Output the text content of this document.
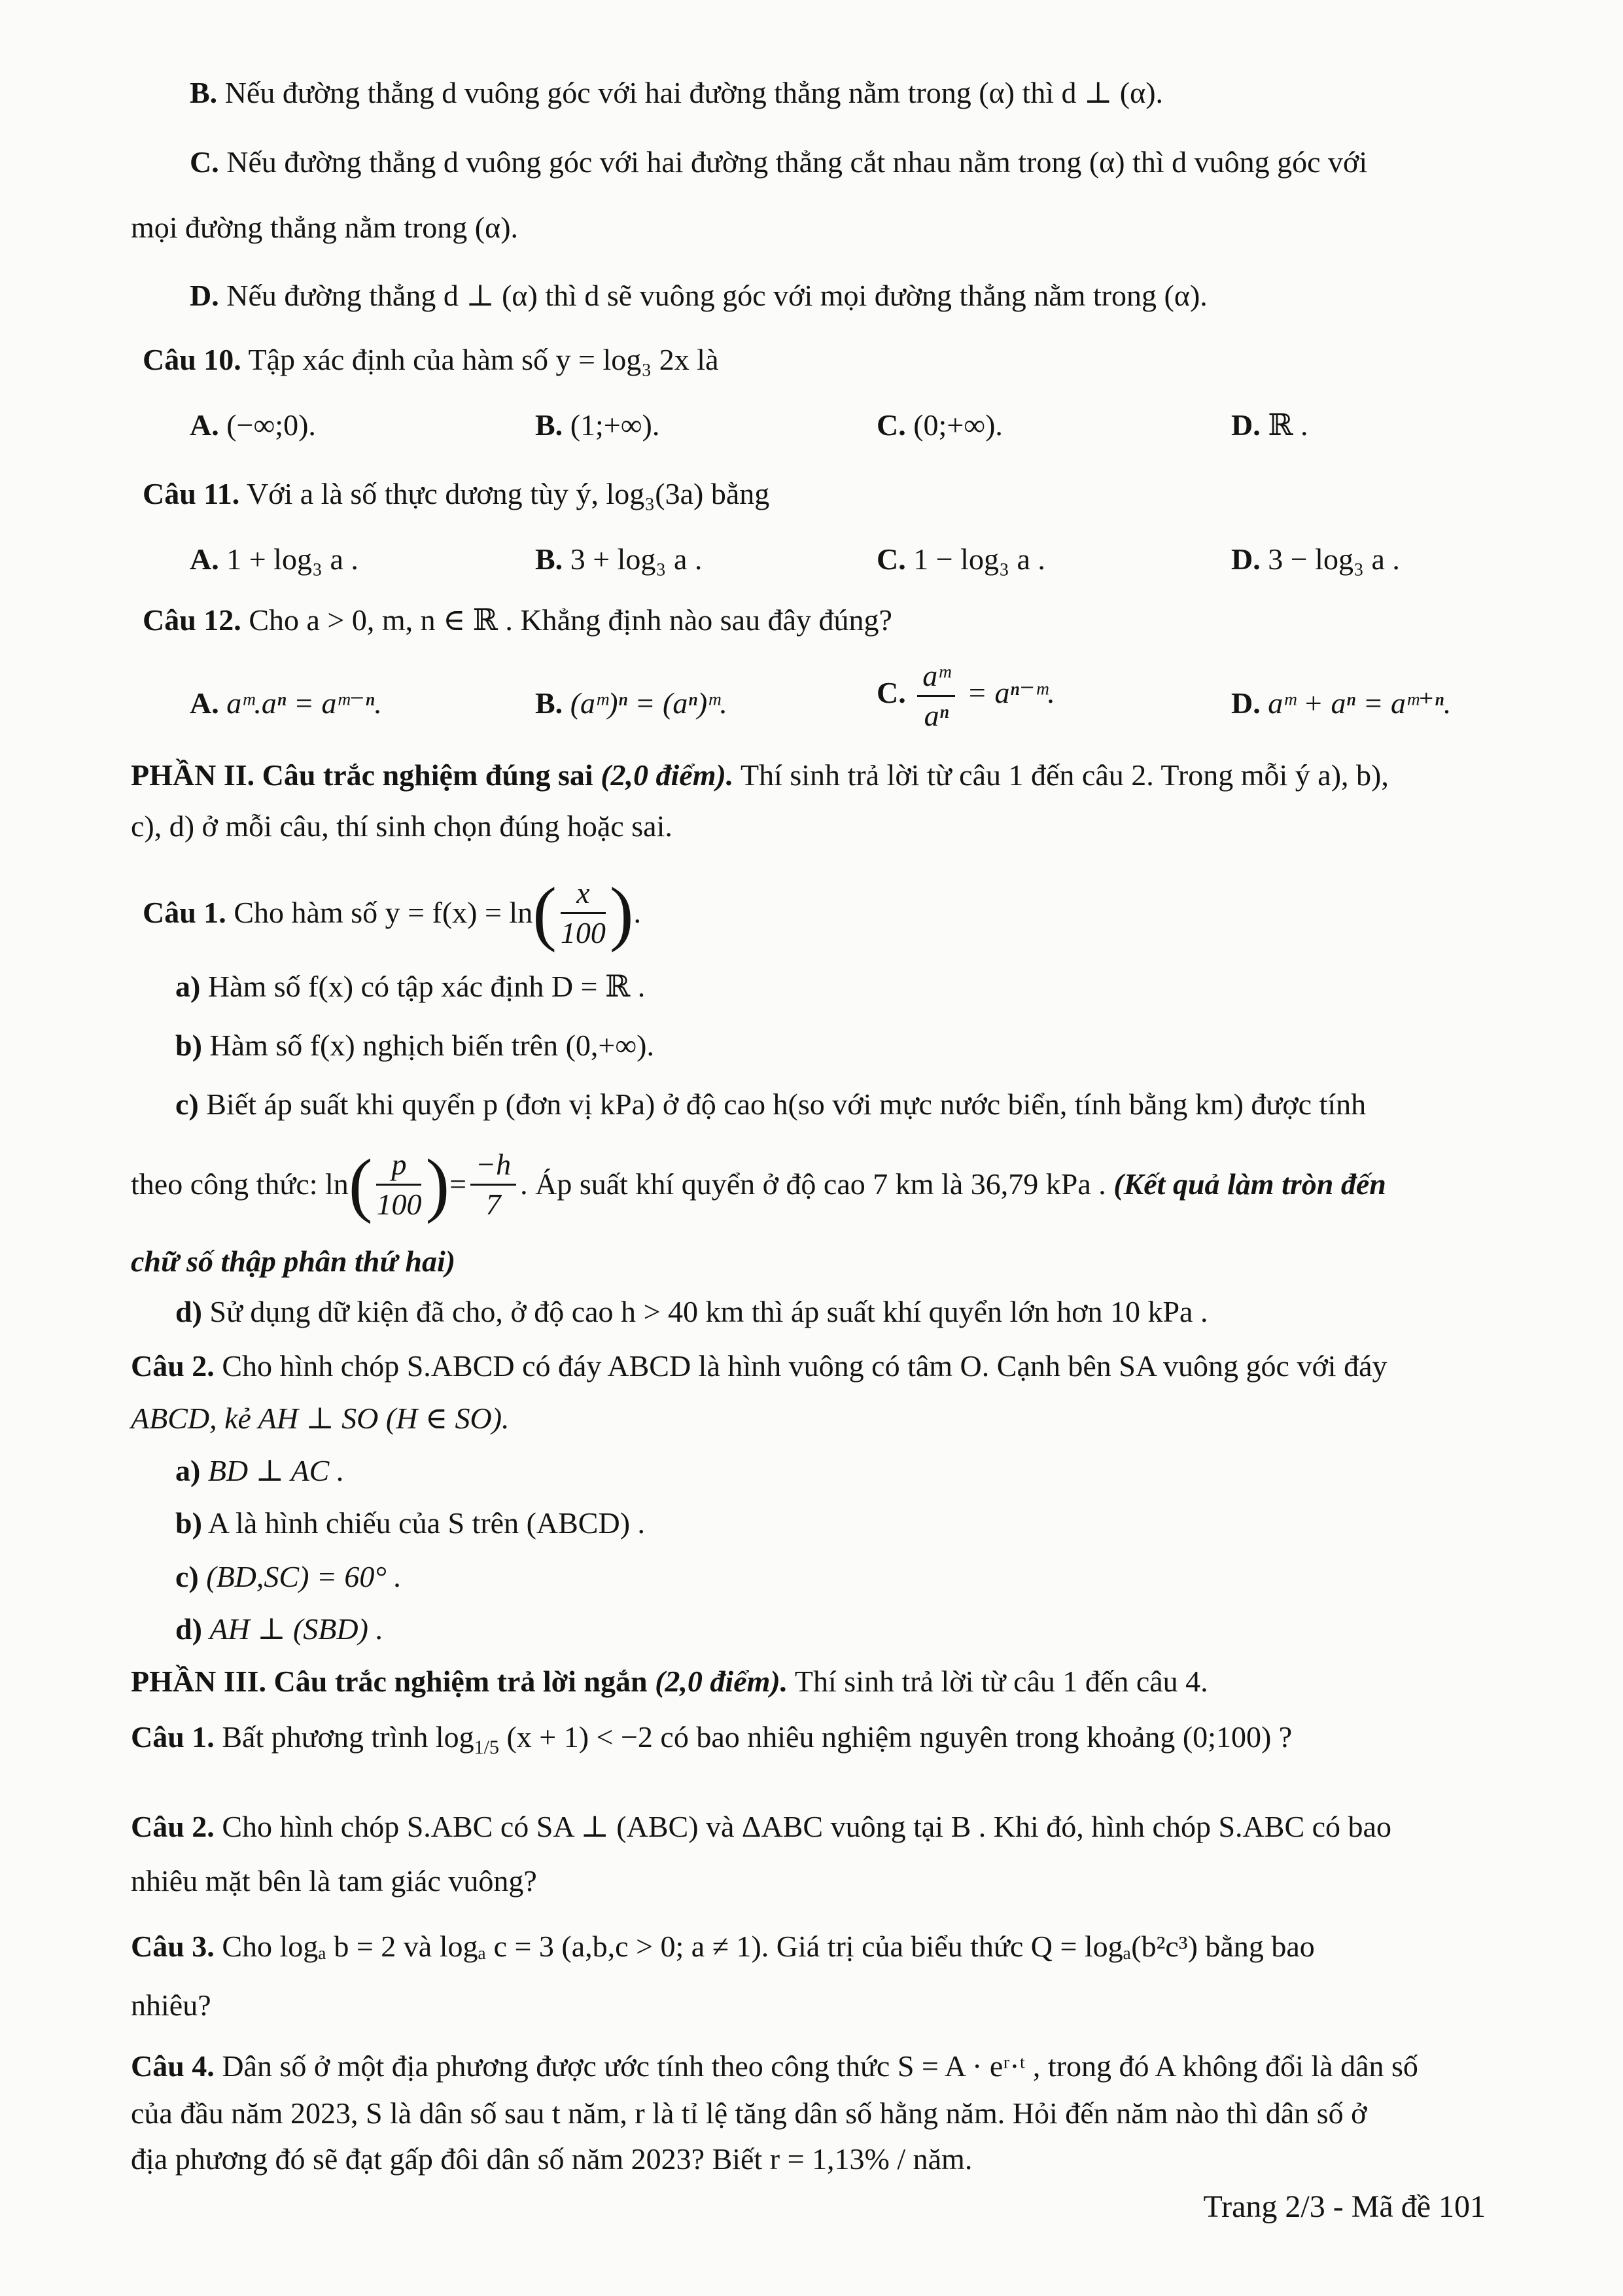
B. Nếu đường thẳng d vuông góc với hai đường thẳng nằm trong (α) thì d ⊥ (α).
C. Nếu đường thẳng d vuông góc với hai đường thẳng cắt nhau nằm trong (α) thì d vuông góc với
mọi đường thẳng nằm trong (α).
D. Nếu đường thẳng d ⊥ (α) thì d sẽ vuông góc với mọi đường thẳng nằm trong (α).
Câu 10. Tập xác định của hàm số y = log₃ 2x là
A. (−∞;0).	B. (1;+∞).	C. (0;+∞).	D. ℝ .
Câu 11. Với a là số thực dương tùy ý, log₃(3a) bằng
A. 1 + log₃ a .	B. 3 + log₃ a .	C. 1 − log₃ a .	D. 3 − log₃ a .
Câu 12. Cho a > 0, m, n ∈ ℝ . Khẳng định nào sau đây đúng?
A. aᵐ.aⁿ = aᵐ⁻ⁿ.	B. (aᵐ)ⁿ = (aⁿ)ᵐ.	C. $\frac{\text{aᵐ}}{\text{aⁿ}}$ = aⁿ⁻ᵐ.	D. aᵐ + aⁿ = aᵐ⁺ⁿ.
PHẦN II. Câu trắc nghiệm đúng sai (2,0 điểm). Thí sinh trả lời từ câu 1 đến câu 2. Trong mỗi ý a), b),
c), d) ở mỗi câu, thí sinh chọn đúng hoặc sai.
Câu 1.
Cho hàm số y = f(x) = ln ( $\frac{x}{100}$ ) .
a) Hàm số f(x) có tập xác định D = ℝ .
b) Hàm số f(x) nghịch biến trên (0,+∞).
c) Biết áp suất khi quyển p (đơn vị kPa) ở độ cao h(so với mực nước biển, tính bằng km) được tính
theo công thức: ln ( $\frac{p}{100}$ ) = $\frac{-h}{7}$ . Áp suất khí quyển ở độ cao 7 km là 36,79 kPa .
(Kết quả làm tròn đến
chữ số thập phân thứ hai)
d) Sử dụng dữ kiện đã cho, ở độ cao h > 40 km thì áp suất khí quyển lớn hơn 10 kPa .
Câu 2. Cho hình chóp S.ABCD có đáy ABCD là hình vuông có tâm O. Cạnh bên SA vuông góc với đáy
ABCD, kẻ AH ⊥ SO (H ∈ SO).
a) BD ⊥ AC .
b) A là hình chiếu của S trên (ABCD) .
c) (BD,SC) = 60° .
d) AH ⊥ (SBD) .
PHẦN III. Câu trắc nghiệm trả lời ngắn (2,0 điểm). Thí sinh trả lời từ câu 1 đến câu 4.
Câu 1. Bất phương trình $\log_{1/5} (x + 1) < -2$ có bao nhiêu nghiệm nguyên trong khoảng (0;100) ?
Câu 2. Cho hình chóp S.ABC có SA ⊥ (ABC) và ΔABC vuông tại B . Khi đó, hình chóp S.ABC có bao
nhiêu mặt bên là tam giác vuông?
Câu 3. Cho logₐ b = 2 và logₐ c = 3 (a,b,c > 0; a ≠ 1). Giá trị của biểu thức Q = logₐ(b²c³) bằng bao
nhiêu?
Câu 4. Dân số ở một địa phương được ước tính theo công thức S = A · eʳ·ᵗ , trong đó A không đổi là dân số
của đầu năm 2023, S là dân số sau t năm, r là tỉ lệ tăng dân số hằng năm. Hỏi đến năm nào thì dân số ở
địa phương đó sẽ đạt gấp đôi dân số năm 2023? Biết r = 1,13% / năm.
Trang 2/3 - Mã đề 101
